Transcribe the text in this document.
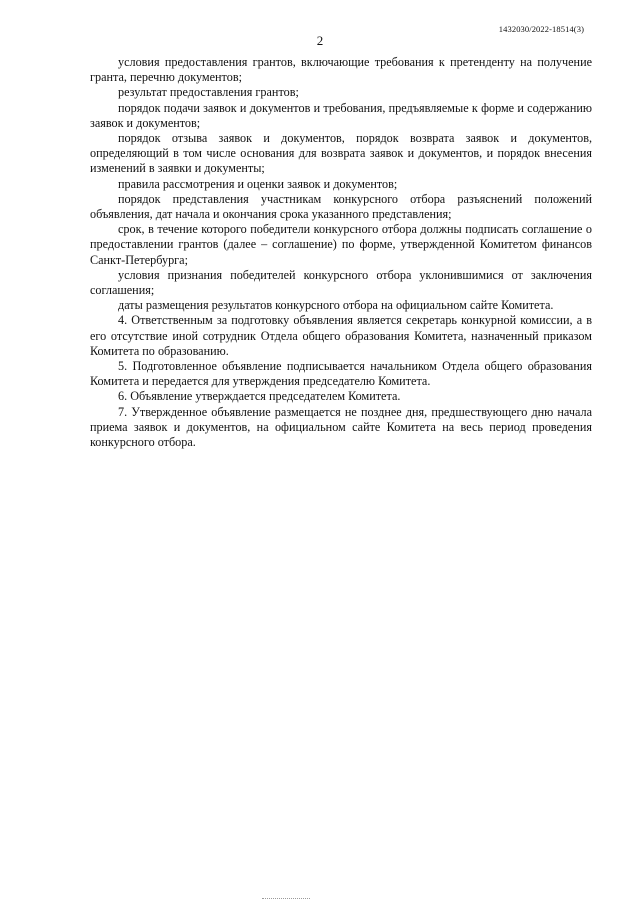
1432030/2022-18514(3)
2

условия предоставления грантов, включающие требования к претенденту на получение гранта, перечню документов;

результат предоставления грантов;

порядок подачи заявок и документов и требования, предъявляемые к форме и содержанию заявок и документов;

порядок отзыва заявок и документов, порядок возврата заявок и документов, определяющий в том числе основания для возврата заявок и документов, и порядок внесения изменений в заявки и документы;

правила рассмотрения и оценки заявок и документов;

порядок представления участникам конкурсного отбора разъяснений положений объявления, дат начала и окончания срока указанного представления;

срок, в течение которого победители конкурсного отбора должны подписать соглашение о предоставлении грантов (далее – соглашение) по форме, утвержденной Комитетом финансов Санкт-Петербурга;

условия признания победителей конкурсного отбора уклонившимися от заключения соглашения;

даты размещения результатов конкурсного отбора на официальном сайте Комитета.

4. Ответственным за подготовку объявления является секретарь конкурной комиссии, а в его отсутствие иной сотрудник Отдела общего образования Комитета, назначенный приказом Комитета по образованию.

5. Подготовленное объявление подписывается начальником Отдела общего образования Комитета и передается для утверждения председателю Комитета.

6. Объявление утверждается председателем Комитета.

7. Утвержденное объявление размещается не позднее дня, предшествующего дню начала приема заявок и документов, на официальном сайте Комитета на весь период проведения конкурсного отбора.
